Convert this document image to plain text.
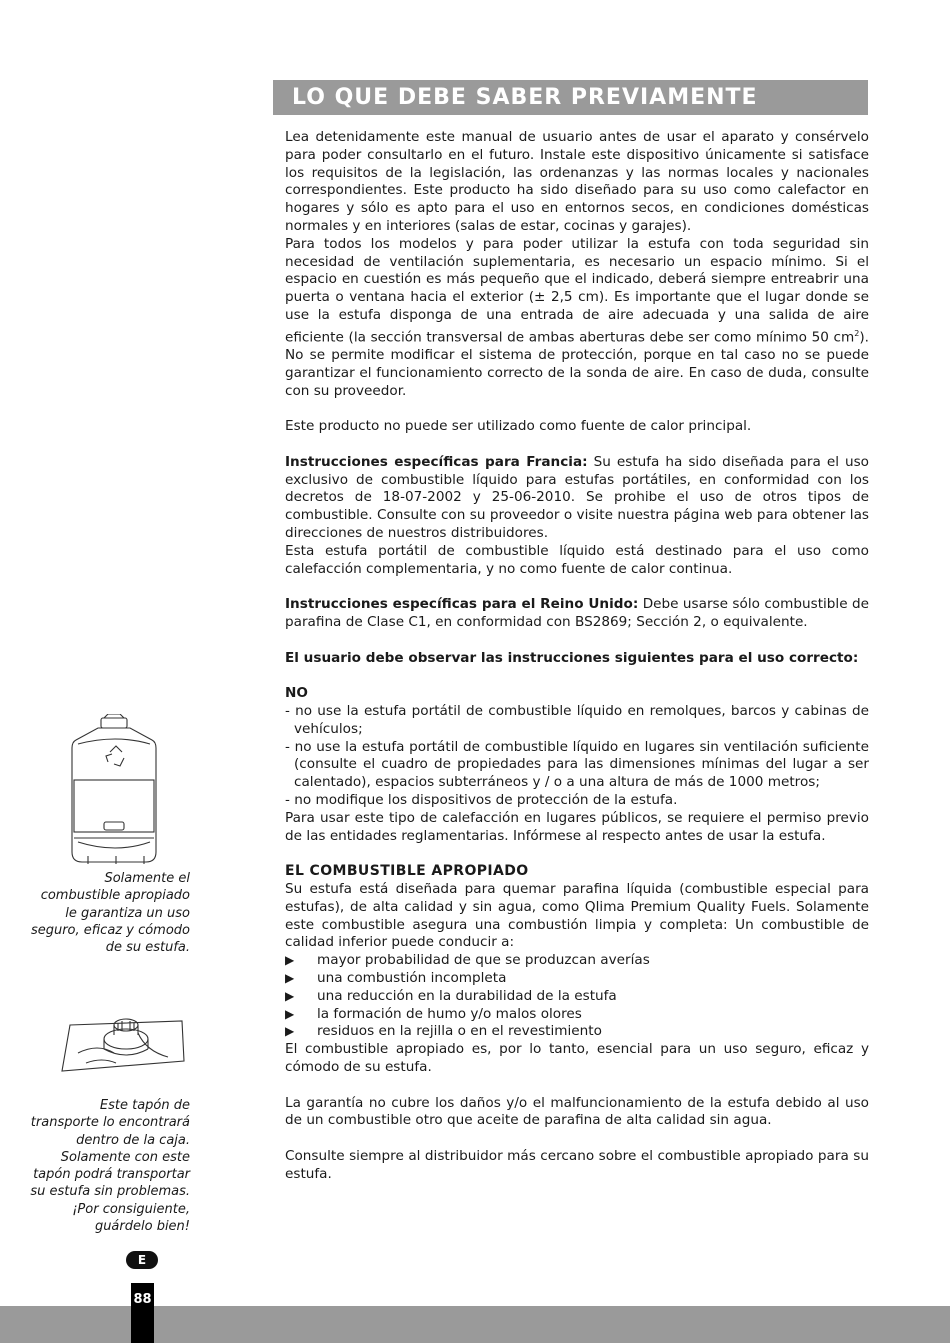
LO QUE DEBE SABER PREVIAMENTE

Lea detenidamente este manual de usuario antes de usar el aparato y consérvelo para poder consultarlo en el futuro. Instale este dispositivo únicamente si satisface los requisitos de la legislación, las ordenanzas y las normas locales y nacionales correspondientes. Este producto ha sido diseñado para su uso como calefactor en hogares y sólo es apto para el uso en entornos secos, en condiciones domésticas normales y en interiores (salas de estar, cocinas y garajes).

Para todos los modelos y para poder utilizar la estufa con toda seguridad sin necesidad de ventilación suplementaria, es necesario un espacio mínimo. Si el espacio en cuestión es más pequeño que el indicado, deberá siempre entreabrir una puerta o ventana hacia el exterior (± 2,5 cm). Es importante que el lugar donde se use la estufa disponga de una entrada de aire adecuada y una salida de aire eficiente (la sección transversal de ambas aberturas debe ser como mínimo 50 $cm^2$). No se permite modificar el sistema de protección, porque en tal caso no se puede garantizar el funcionamiento correcto de la sonda de aire. En caso de duda, consulte con su proveedor.

Este producto no puede ser utilizado como fuente de calor principal.

Instrucciones específicas para Francia: Su estufa ha sido diseñada para el uso exclusivo de combustible líquido para estufas portátiles, en conformidad con los decretos de 18-07-2002 y 25-06-2010. Se prohibe el uso de otros tipos de combustible. Consulte con su proveedor o visite nuestra página web para obtener las direcciones de nuestros distribuidores.

Esta estufa portátil de combustible líquido está destinado para el uso como calefacción complementaria, y no como fuente de calor continua.

Instrucciones específicas para el Reino Unido: Debe usarse sólo combustible de parafina de Clase C1, en conformidad con BS2869; Sección 2, o equivalente.

El usuario debe observar las instrucciones siguientes para el uso correcto:

NO

- no use la estufa portátil de combustible líquido en remolques, barcos y cabinas de vehículos;
- no use la estufa portátil de combustible líquido en lugares sin ventilación suficiente (consulte el cuadro de propiedades para las dimensiones mínimas del lugar a ser calentado), espacios subterráneos y / o a una altura de más de 1000 metros;
- no modifique los dispositivos de protección de la estufa.

Para usar este tipo de calefacción en lugares públicos, se requiere el permiso previo de las entidades reglamentarias. Infórmese al respecto antes de usar la estufa.

EL COMBUSTIBLE APROPIADO

Su estufa está diseñada para quemar parafina líquida (combustible especial para estufas), de alta calidad y sin agua, como Qlima Premium Quality Fuels. Solamente este combustible asegura una combustión limpia y completa: Un combustible de calidad inferior puede conducir a:

▶ mayor probabilidad de que se produzcan averías
▶ una combustión incompleta
▶ una reducción en la durabilidad de la estufa
▶ la formación de humo y/o malos olores
▶ residuos en la rejilla o en el revestimiento

El combustible apropiado es, por lo tanto, esencial para un uso seguro, eficaz y cómodo de su estufa.

La garantía no cubre los daños y/o el malfuncionamiento de la estufa debido al uso de un combustible otro que aceite de parafina de alta calidad sin agua.

Consulte siempre al distribuidor más cercano sobre el combustible apropiado para su estufa.

Solamente el combustible apropiado le garantiza un uso seguro, eficaz y cómodo de su estufa.
Este tapón de transporte lo encontrará dentro de la caja. Solamente con este tapón podrá transportar su estufa sin problemas. ¡Por consiguiente, guárdelo bien!
E
88
